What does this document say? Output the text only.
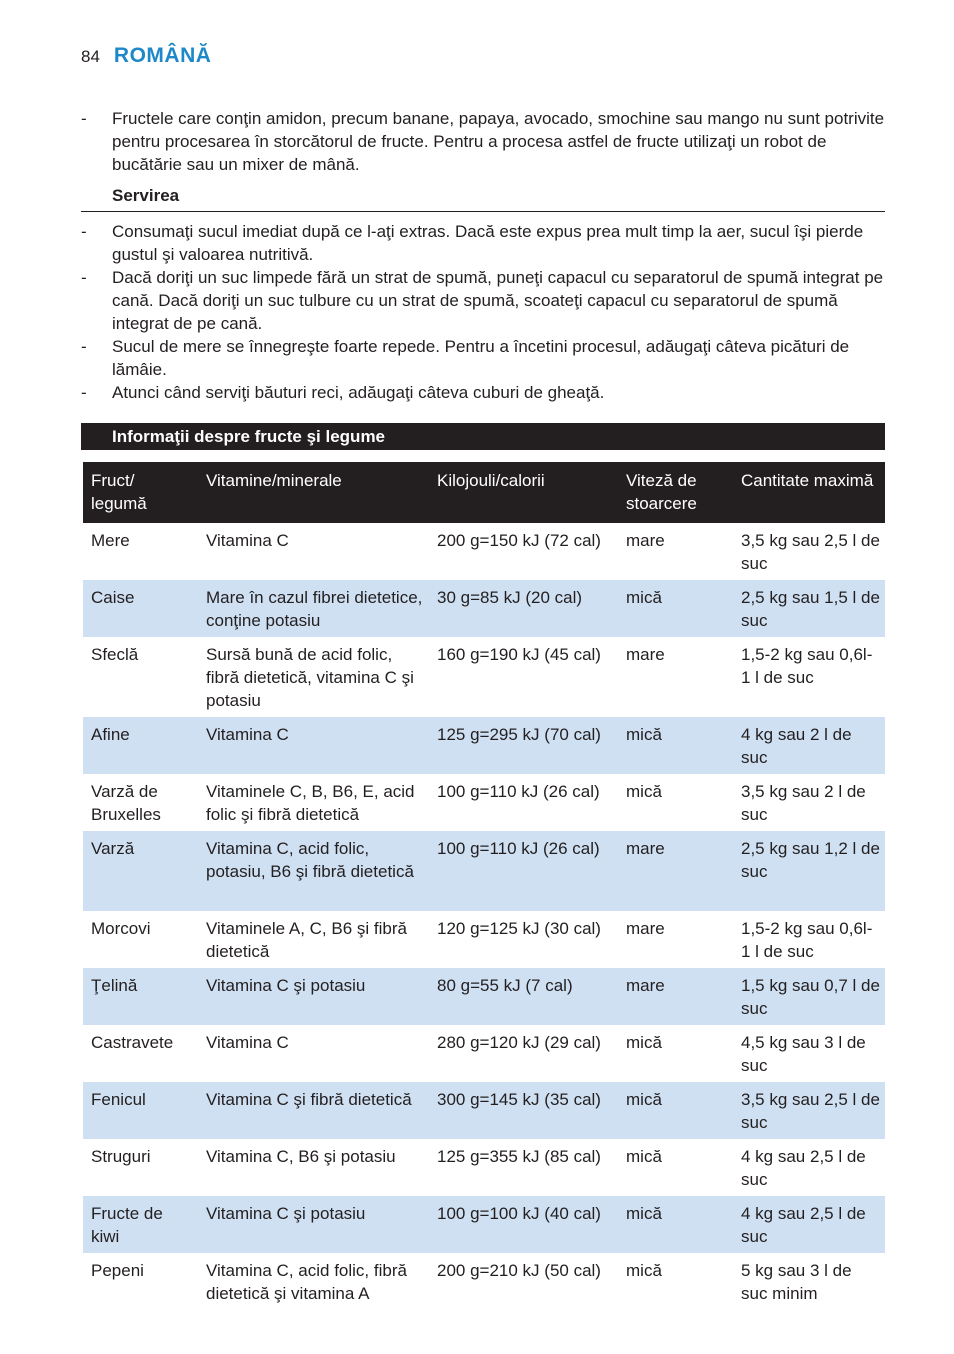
84 ROMÂNĂ
- Fructele care conţin amidon, precum banane, papaya, avocado, smochine sau mango nu sunt potrivite pentru procesarea în storcătorul de fructe. Pentru a procesa astfel de fructe utilizaţi un robot de bucătărie sau un mixer de mână.
Servirea
- Consumaţi sucul imediat după ce l-aţi extras. Dacă este expus prea mult timp la aer, sucul îşi pierde gustul şi valoarea nutritivă.
- Dacă doriţi un suc limpede fără un strat de spumă, puneţi capacul cu separatorul de spumă integrat pe cană. Dacă doriţi un suc tulbure cu un strat de spumă, scoateţi capacul cu separatorul de spumă integrat de pe cană.
- Sucul de mere se înnegreşte foarte repede. Pentru a încetini procesul, adăugaţi câteva picături de lămâie.
- Atunci când serviţi băuturi reci, adăugaţi câteva cuburi de gheaţă.
Informaţii despre fructe şi legume
Fruct/ legumă	Vitamine/minerale	Kilojouli/calorii	Viteză de stoarcere	Cantitate maximă
Mere	Vitamina C	200 g=150 kJ (72 cal)	mare	3,5 kg sau 2,5 l de suc
Caise	Mare în cazul fibrei dietetice, conţine potasiu	30 g=85 kJ (20 cal)	mică	2,5 kg sau 1,5 l de suc
Sfeclă	Sursă bună de acid folic, fibră dietetică, vitamina C şi potasiu	160 g=190 kJ (45 cal)	mare	1,5-2 kg sau 0,6l-1 l de suc
Afine	Vitamina C	125 g=295 kJ (70 cal)	mică	4 kg sau 2 l de suc
Varză de Bruxelles	Vitaminele C, B, B6, E, acid folic şi fibră dietetică	100 g=110 kJ (26 cal)	mică	3,5 kg sau 2 l de suc
Varză	Vitamina C, acid folic, potasiu, B6 şi fibră dietetică	100 g=110 kJ (26 cal)	mare	2,5 kg sau 1,2 l de suc
Morcovi	Vitaminele A, C, B6 şi fibră dietetică	120 g=125 kJ (30 cal)	mare	1,5-2 kg sau 0,6l-1 l de suc
Ţelină	Vitamina C şi potasiu	80 g=55 kJ (7 cal)	mare	1,5 kg sau 0,7 l de suc
Castravete	Vitamina C	280 g=120 kJ (29 cal)	mică	4,5 kg sau 3 l de suc
Fenicul	Vitamina C şi fibră dietetică	300 g=145 kJ (35 cal)	mică	3,5 kg sau 2,5 l de suc
Struguri	Vitamina C, B6 şi potasiu	125 g=355 kJ (85 cal)	mică	4 kg sau 2,5 l de suc
Fructe de kiwi	Vitamina C şi potasiu	100 g=100 kJ (40 cal)	mică	4 kg sau 2,5 l de suc
Pepeni	Vitamina C, acid folic, fibră dietetică şi vitamina A	200 g=210 kJ (50 cal)	mică	5 kg sau 3 l de suc minim
